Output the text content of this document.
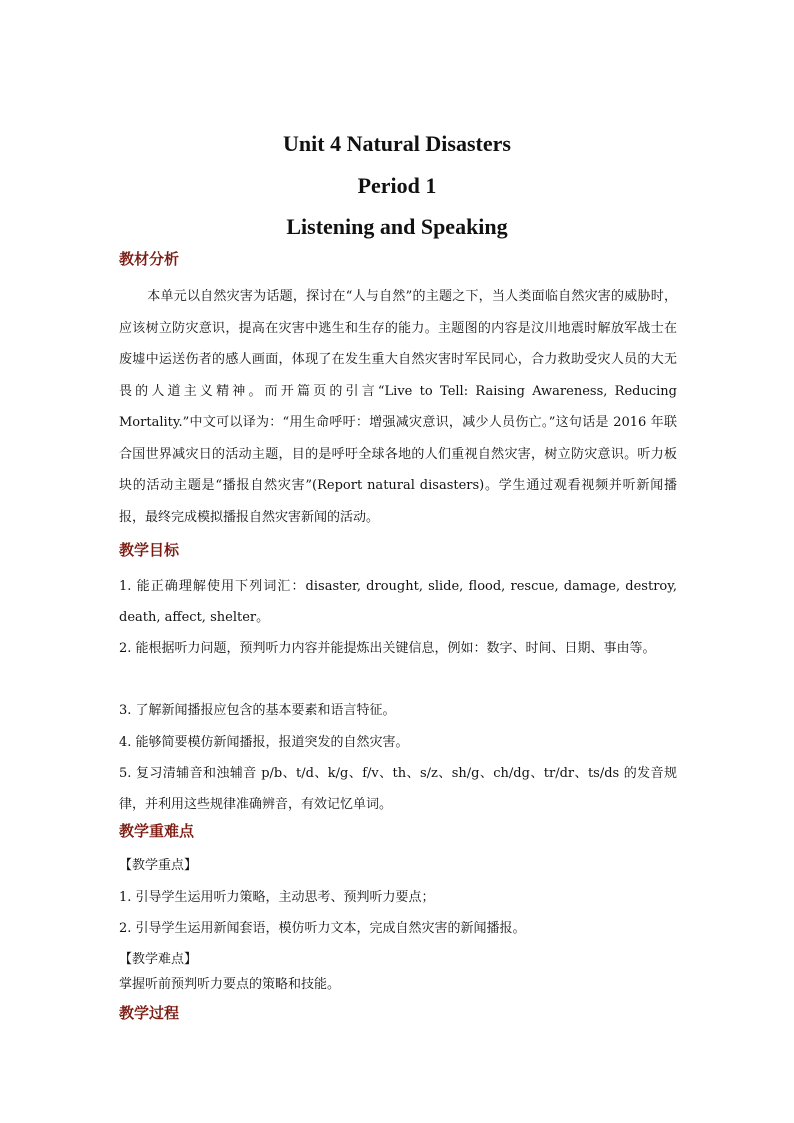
Unit 4 Natural Disasters
Period 1
Listening and Speaking
教材分析
本单元以自然灾害为话题，探讨在“人与自然”的主题之下，当人类面临自然灾害的威胁时，应该树立防灾意识，提高在灾害中逃生和生存的能力。主题图的内容是汶川地震时解放军战士在废墟中运送伤者的感人画面，体现了在发生重大自然灾害时军民同心，合力救助受灾人员的大无畏的人道主义精神。而开篇页的引言“Live to Tell: Raising Awareness, Reducing Mortality.”中文可以译为：“用生命呼吁：增强减灾意识，减少人员伤亡。”这句话是 2016 年联合国世界减灾日的活动主题，目的是呼吁全球各地的人们重视自然灾害，树立防灾意识。听力板块的活动主题是“播报自然灾害”(Report natural disasters)。学生通过观看视频并听新闻播报，最终完成模拟播报自然灾害新闻的活动。
教学目标
1. 能正确理解使用下列词汇：disaster, drought, slide, flood, rescue, damage, destroy, death, affect, shelter。
2. 能根据听力问题，预判听力内容并能提炼出关键信息，例如：数字、时间、日期、事由等。
3. 了解新闻播报应包含的基本要素和语言特征。
4. 能够简要模仿新闻播报，报道突发的自然灾害。
5. 复习清辅音和浊辅音 p/b、t/d、k/g、f/v、th、s/z、sh/g、ch/dg、tr/dr、ts/ds 的发音规律，并利用这些规律准确辨音，有效记忆单词。
教学重难点
【教学重点】
1. 引导学生运用听力策略，主动思考、预判听力要点；
2. 引导学生运用新闻套语，模仿听力文本，完成自然灾害的新闻播报。
【教学难点】
掌握听前预判听力要点的策略和技能。
教学过程
